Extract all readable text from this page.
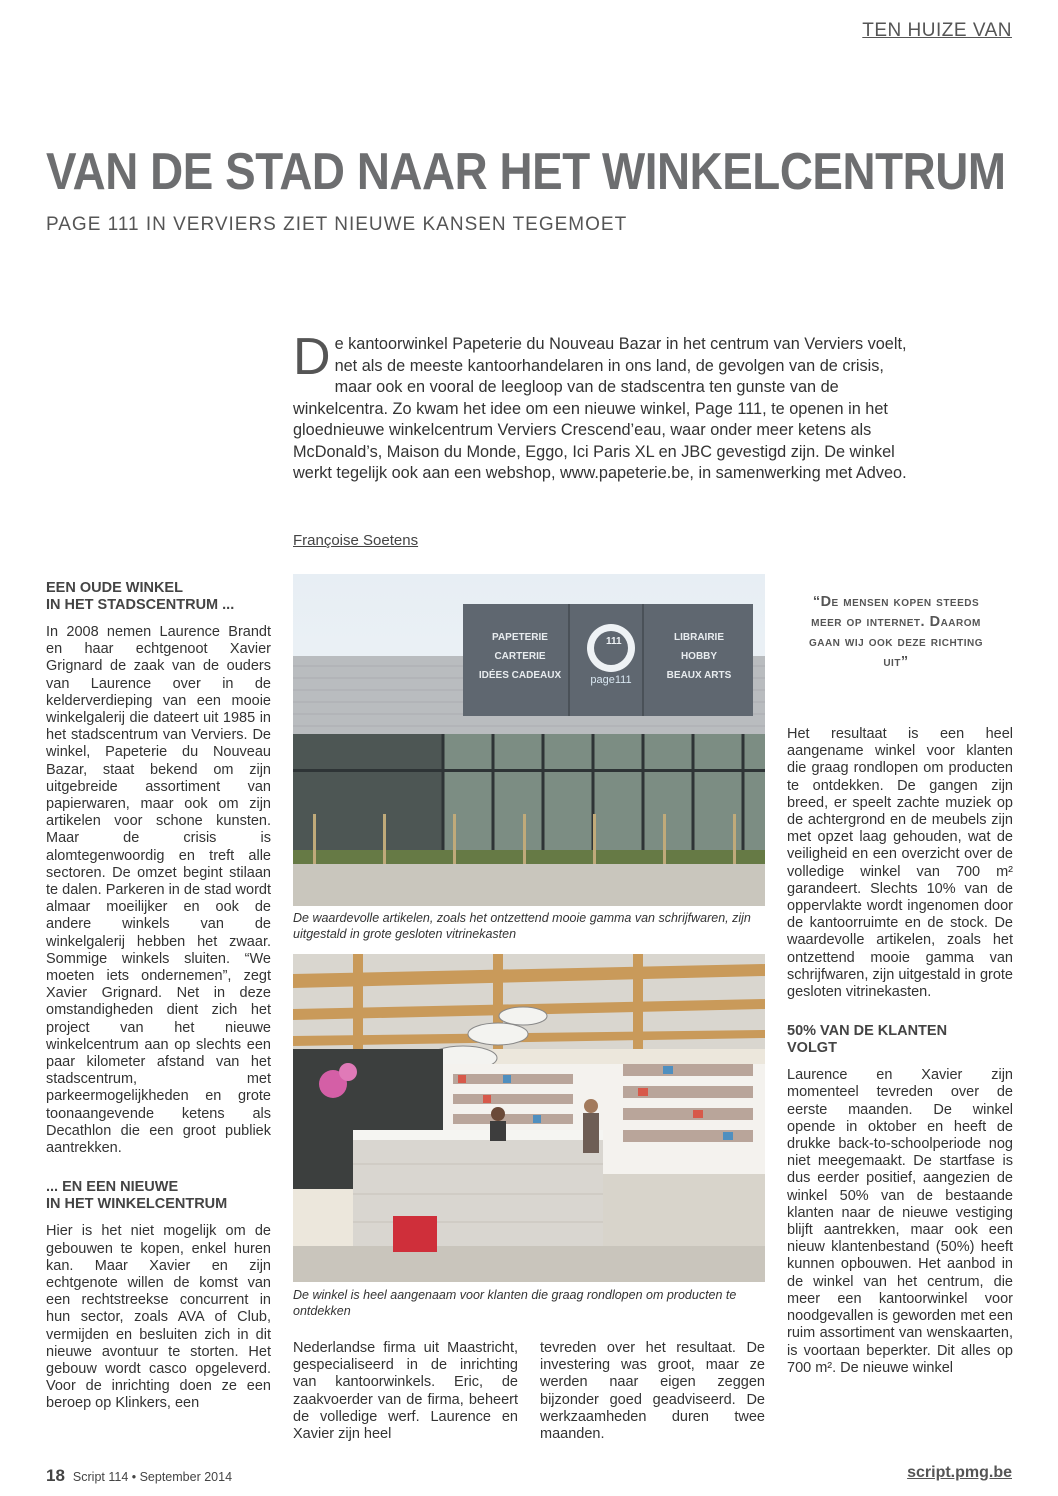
TEN HUIZE VAN
VAN DE STAD NAAR HET WINKELCENTRUM
PAGE 111 IN VERVIERS ZIET NIEUWE KANSEN TEGEMOET
De kantoorwinkel Papeterie du Nouveau Bazar in het centrum van Verviers voelt, net als de meeste kantoorhandelaren in ons land, de gevolgen van de crisis, maar ook en vooral de leegloop van de stadscentra ten gunste van de winkelcentra. Zo kwam het idee om een nieuwe winkel, Page 111, te openen in het gloednieuwe winkelcentrum Verviers Crescend’eau, waar onder meer ketens als McDonald’s, Maison du Monde, Eggo, Ici Paris XL en JBC gevestigd zijn. De winkel werkt tegelijk ook aan een webshop, www.papeterie.be, in samenwerking met Adveo.
Françoise Soetens
EEN OUDE WINKEL
IN HET STADSCENTRUM ...

In 2008 nemen Laurence Brandt en haar echtgenoot Xavier Grignard de zaak van de ouders van Laurence over in de kelderverdieping van een mooie winkelgalerij die dateert uit 1985 in het stadscentrum van Verviers. De winkel, Papeterie du Nouveau Bazar, staat bekend om zijn uitgebreide assortiment van papierwaren, maar ook om zijn artikelen voor schone kunsten. Maar de crisis is alomtegenwoordig en treft alle sectoren. De omzet begint stilaan te dalen. Parkeren in de stad wordt almaar moeilijker en ook de andere winkels van de winkelgalerij hebben het zwaar. Sommige winkels sluiten. “We moeten iets ondernemen”, zegt Xavier Grignard. Net in deze omstandigheden dient zich het project van het nieuwe winkelcentrum aan op slechts een paar kilometer afstand van het stadscentrum, met parkeermogelijkheden en grote toonaangevende ketens als Decathlon die een groot publiek aantrekken.

... EN EEN NIEUWE
IN HET WINKELCENTRUM

Hier is het niet mogelijk om de gebouwen te kopen, enkel huren kan. Maar Xavier en zijn echtgenote willen de komst van een rechtstreekse concurrent in hun sector, zoals AVA of Club, vermijden en besluiten zich in dit nieuwe avontuur te storten. Het gebouw wordt casco opgeleverd. Voor de inrichting doen ze een beroep op Klinkers, een

PAPETERIE
CARTERIE
IDÉES CADEAUX
111
page111
LIBRAIRIE
HOBBY
BEAUX ARTS
De waardevolle artikelen, zoals het ontzettend mooie gamma van schrijfwaren, zijn uitgestald in grote gesloten vitrinekasten
De winkel is heel aangenaam voor klanten die graag rondlopen om producten te ontdekken

Nederlandse firma uit Maastricht, gespecialiseerd in de inrichting van kantoorwinkels. Eric, de zaakvoerder van de firma, beheert de volledige werf. Laurence en Xavier zijn heel

tevreden over het resultaat. De investering was groot, maar ze werden naar eigen zeggen bijzonder goed geadviseerd. De werkzaamheden duren twee maanden.

“De mensen kopen steeds meer op internet. Daarom gaan wij ook deze richting uit”

Het resultaat is een heel aangename winkel voor klanten die graag rondlopen om producten te ontdekken. De gangen zijn breed, er speelt zachte muziek op de achtergrond en de meubels zijn met opzet laag gehouden, wat de veiligheid en een overzicht over de volledige winkel van 700 m² garandeert. Slechts 10% van de oppervlakte wordt ingenomen door de kantoorruimte en de stock. De waardevolle artikelen, zoals het ontzettend mooie gamma van schrijfwaren, zijn uitgestald in grote gesloten vitrinekasten.

50% VAN DE KLANTEN
VOLGT

Laurence en Xavier zijn momenteel tevreden over de eerste maanden. De winkel opende in oktober en heeft de drukke back-to-schoolperiode nog niet meegemaakt. De startfase is dus eerder positief, aangezien de winkel 50% van de bestaande klanten naar de nieuwe vestiging blijft aantrekken, maar ook een nieuw klantenbestand (50%) heeft kunnen opbouwen. Het aanbod in de winkel van het centrum, die meer een kantoorwinkel voor noodgevallen is geworden met een ruim assortiment van wenskaarten, is voortaan beperkter. Dit alles op 700 m². De nieuwe winkel

18 Script 114 • September 2014	script.pmg.be
